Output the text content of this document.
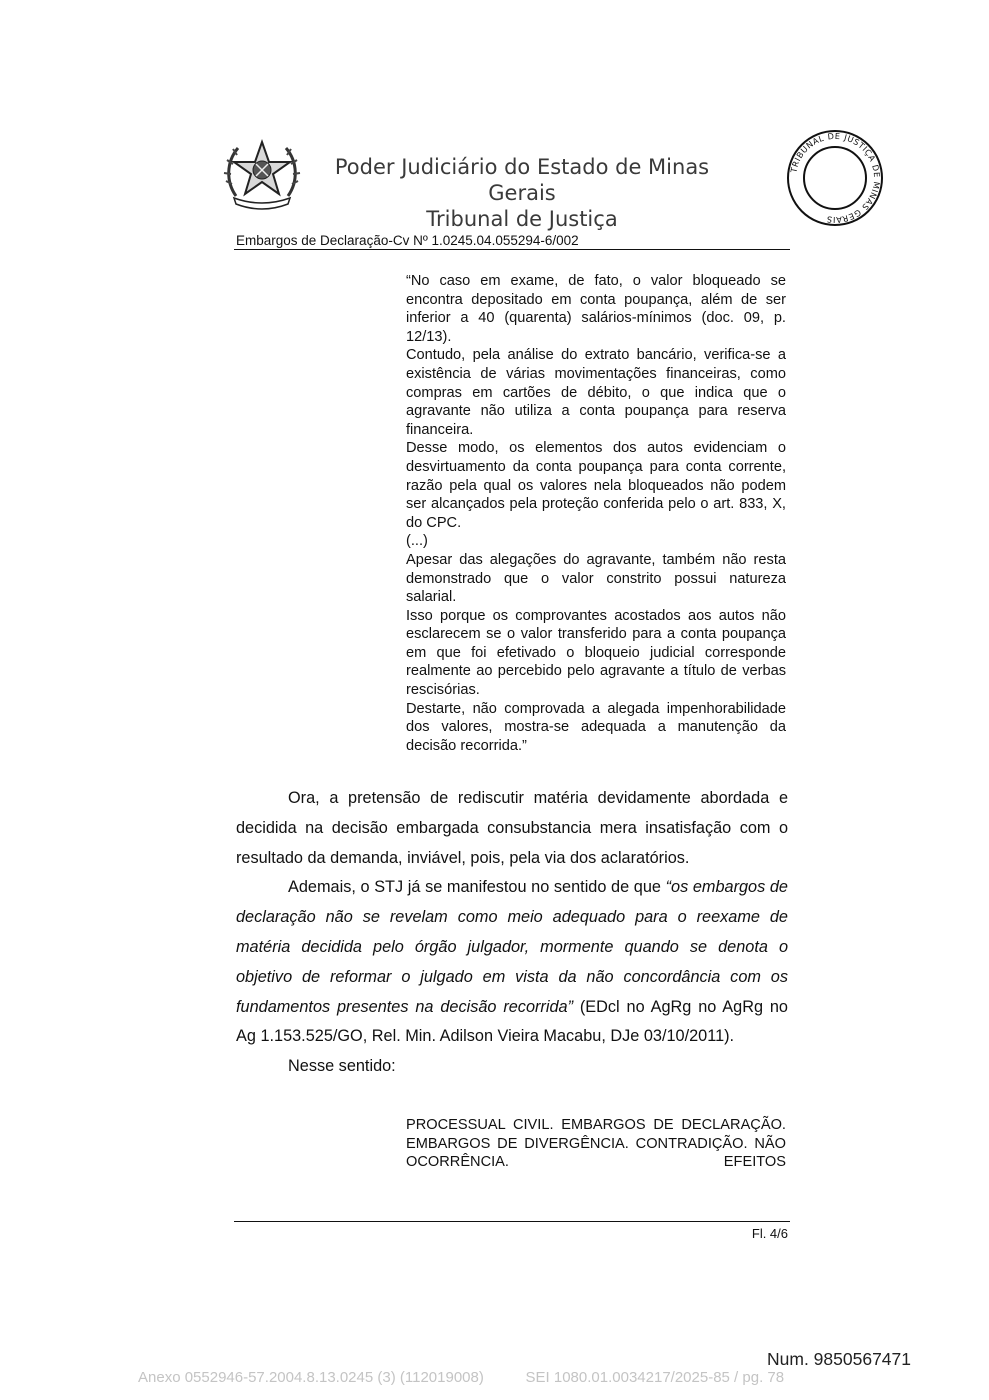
Poder Judiciário do Estado de Minas Gerais
Tribunal de Justiça
TRIBUNAL DE JUSTIÇA DE MINAS GERAIS
Embargos de Declaração-Cv Nº 1.0245.04.055294-6/002

“No caso em exame, de fato, o valor bloqueado se encontra depositado em conta poupança, além de ser inferior a 40 (quarenta) salários-mínimos (doc. 09, p. 12/13).

Contudo, pela análise do extrato bancário, verifica-se a existência de várias movimentações financeiras, como compras em cartões de débito, o que indica que o agravante não utiliza a conta poupança para reserva financeira.

Desse modo, os elementos dos autos evidenciam o desvirtuamento da conta poupança para conta corrente, razão pela qual os valores nela bloqueados não podem ser alcançados pela proteção conferida pelo o art. 833, X, do CPC.

(...)

Apesar das alegações do agravante, também não resta demonstrado que o valor constrito possui natureza salarial.

Isso porque os comprovantes acostados aos autos não esclarecem se o valor transferido para a conta poupança em que foi efetivado o bloqueio judicial corresponde realmente ao percebido pelo agravante a título de verbas rescisórias.

Destarte, não comprovada a alegada impenhorabilidade dos valores, mostra-se adequada a manutenção da decisão recorrida.”

Ora, a pretensão de rediscutir matéria devidamente abordada e decidida na decisão embargada consubstancia mera insatisfação com o resultado da demanda, inviável, pois, pela via dos aclaratórios.

Ademais, o STJ já se manifestou no sentido de que “os embargos de declaração não se revelam como meio adequado para o reexame de matéria decidida pelo órgão julgador, mormente quando se denota o objetivo de reformar o julgado em vista da não concordância com os fundamentos presentes na decisão recorrida” (EDcl no AgRg no AgRg no Ag 1.153.525/GO, Rel. Min. Adilson Vieira Macabu, DJe 03/10/2011).

Nesse sentido:

PROCESSUAL CIVIL. EMBARGOS DE DECLARAÇÃO. EMBARGOS DE DIVERGÊNCIA. CONTRADIÇÃO. NÃO OCORRÊNCIA. EFEITOS
Fl. 4/6
Num. 9850567471
Anexo 0552946-57.2004.8.13.0245 (3) (112019008)	SEI 1080.01.0034217/2025-85 / pg. 78
